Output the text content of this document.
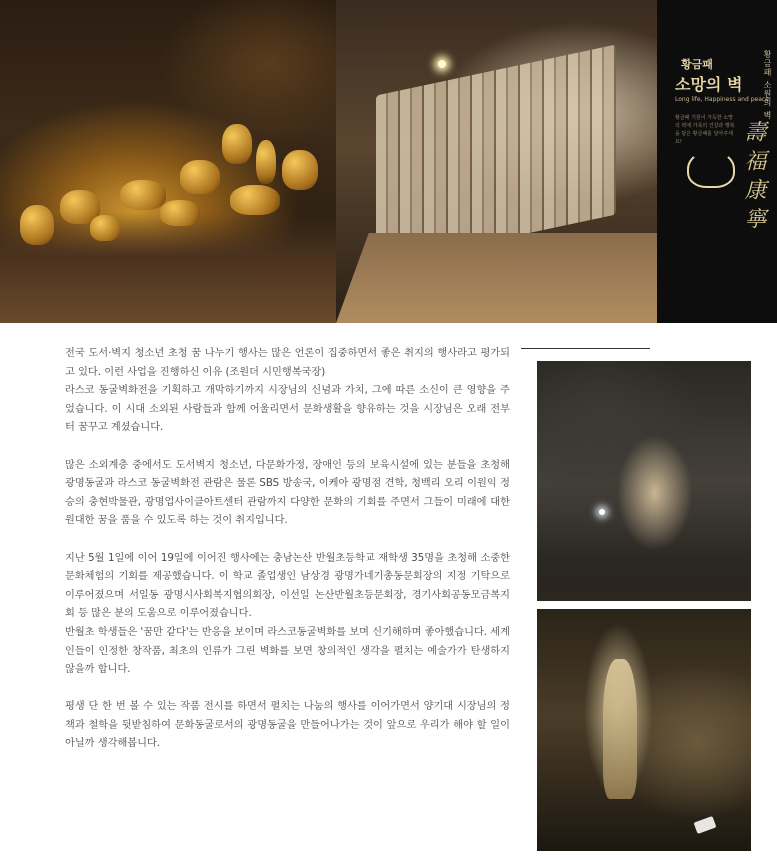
황금패
소망의 벽
Long life, Happiness and peace
황금패 기원이 가득한 소망의 벽에 가족의 건강과 행복을 담은 황금패를 달아주세요!
황금패 소원의 벽
壽 福 康 寧

전국 도서·벽지 청소년 초청 꿈 나누기 행사는 많은 언론이 집중하면서 좋은 취지의 행사라고 평가되고 있다. 이런 사업을 진행하신 이유 (조원더 시민행복국장)

라스코 동굴벽화전을 기획하고 개막하기까지 시장님의 신념과 가치, 그에 따른 소신이 큰 영향을 주었습니다. 이 시대 소외된 사람들과 함께 어울리면서 문화생활을 향유하는 것을 시장님은 오래 전부터 꿈꾸고 계셨습니다.

많은 소외계층 중에서도 도서벽지 청소년, 다문화가정, 장애인 등의 보육시설에 있는 분들을 초청해 광명동굴과 라스코 동굴벽화전 관람은 물론 SBS 방송국, 이케아 광명점 견학, 청백리 오리 이원익 정승의 충현박물관, 광명업사이클아트센터 관람까지 다양한 문화의 기회를 주면서 그들이 미래에 대한 원대한 꿈을 품을 수 있도록 하는 것이 취지입니다.

지난 5월 1일에 이어 19일에 이어진 행사에는 충남논산 반월초등학교 재학생 35명을 초청해 소중한 문화체험의 기회를 제공했습니다. 이 학교 졸업생인 남상경 광명가네기총동문회장의 지정 기탁으로 이루어졌으며 서일동 광명시사회복지협의회장, 이선일 논산반월초등문회장, 경기사회공동모금복지회 등 많은 분의 도움으로 이루어졌습니다.

반월초 학생들은 '꿈만 같다'는 반응을 보이며 라스코동굴벽화를 보며 신기해하며 좋아했습니다. 세계인들이 인정한 창작품, 최초의 인류가 그린 벽화를 보면 창의적인 생각을 펼치는 예술가가 탄생하지 않을까 합니다.

평생 단 한 번 볼 수 있는 작품 전시를 하면서 펼치는 나눔의 행사를 이어가면서 양기대 시장님의 정책과 철학을 뒷받침하여 문화동굴로서의 광명동굴을 만들어나가는 것이 앞으로 우리가 해야 할 일이 아닐까 생각해봅니다.
